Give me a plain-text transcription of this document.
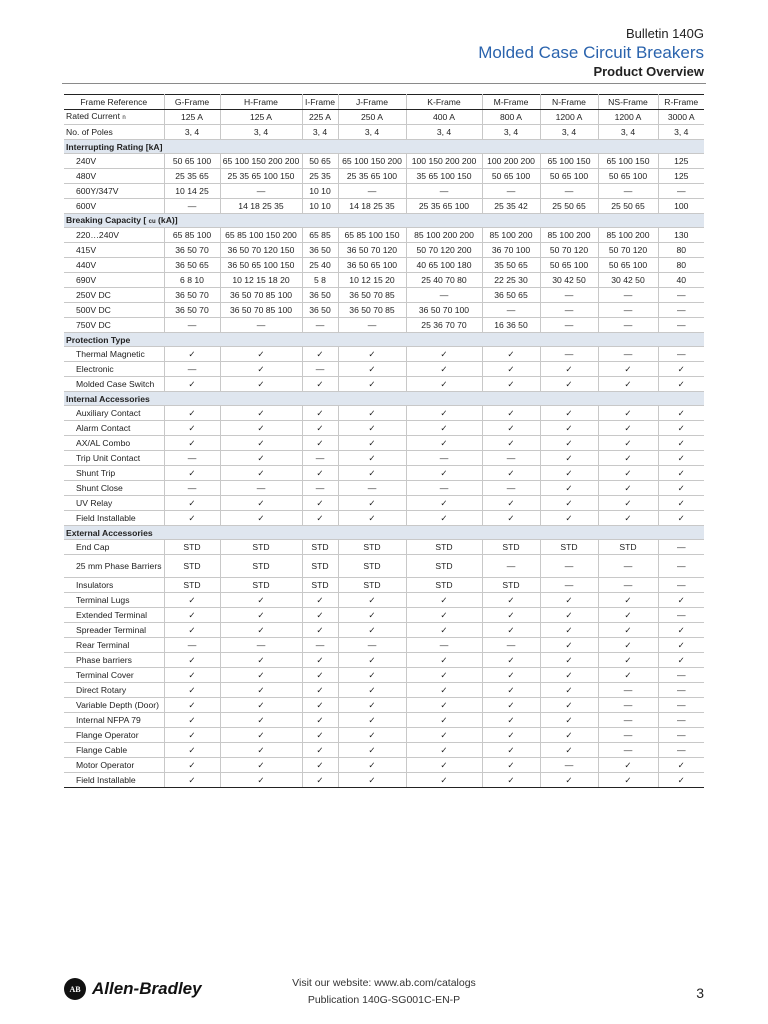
Bulletin 140G
Molded Case Circuit Breakers
Product Overview
Frame Reference	G-Frame	H-Frame	I-Frame	J-Frame	K-Frame	M-Frame	N-Frame	NS-Frame	R-Frame
Rated Current n	125 A	125 A	225 A	250 A	400 A	800 A	1200 A	1200 A	3000 A
No. of Poles	3, 4	3, 4	3, 4	3, 4	3, 4	3, 4	3, 4	3, 4	3, 4
Interrupting Rating [kA]									
240V	50 65 100	65 100 150 200 200	50 65	65 100 150 200	100 150 200 200	100 200 200	65 100 150	65 100 150	125
480V	25 35 65	25 35 65 100 150	25 35	25 35 65 100	35 65 100 150	50 65 100	50 65 100	50 65 100	125
600Y/347V	10 14 25	—	10 10	—	—	—	—	—	—
600V	—	14 18 25 35	10 10	14 18 25 35	25 35 65 100	25 35 42	25 50 65	25 50 65	100
Breaking Capacity [ cu (kA)]									
220…240V	65 85 100	65 85 100 150 200	65 85	65 85 100 150	85 100 200 200	85 100 200	85 100 200	85 100 200	130
415V	36 50 70	36 50 70 120 150	36 50	36 50 70 120	50 70 120 200	36 70 100	50 70 120	50 70 120	80
440V	36 50 65	36 50 65 100 150	25 40	36 50 65 100	40 65 100 180	35 50 65	50 65 100	50 65 100	80
690V	6 8 10	10 12 15 18 20	5 8	10 12 15 20	25 40 70 80	22 25 30	30 42 50	30 42 50	40
250V DC	36 50 70	36 50 70 85 100	36 50	36 50 70 85	—	36 50 65	—	—	—
500V DC	36 50 70	36 50 70 85 100	36 50	36 50 70 85	36 50 70 100	—	—	—	—
750V DC	—	—	—	—	25 36 70 70	16 36 50	—	—	—
Protection Type									
Thermal Magnetic	✓	✓	✓	✓	✓	✓	—	—	—
Electronic	—	✓	—	✓	✓	✓	✓	✓	✓
Molded Case Switch	✓	✓	✓	✓	✓	✓	✓	✓	✓
Internal Accessories									
Auxiliary Contact	✓	✓	✓	✓	✓	✓	✓	✓	✓
Alarm Contact	✓	✓	✓	✓	✓	✓	✓	✓	✓
AX/AL Combo	✓	✓	✓	✓	✓	✓	✓	✓	✓
Trip Unit Contact	—	✓	—	✓	—	—	✓	✓	✓
Shunt Trip	✓	✓	✓	✓	✓	✓	✓	✓	✓
Shunt Close	—	—	—	—	—	—	✓	✓	✓
UV Relay	✓	✓	✓	✓	✓	✓	✓	✓	✓
Field Installable	✓	✓	✓	✓	✓	✓	✓	✓	✓
External Accessories									
End Cap	STD	STD	STD	STD	STD	STD	STD	STD	—
25 mm Phase Barriers	STD	STD	STD	STD	STD	—	—	—	—
Insulators	STD	STD	STD	STD	STD	STD	—	—	—
Terminal Lugs	✓	✓	✓	✓	✓	✓	✓	✓	✓
Extended Terminal	✓	✓	✓	✓	✓	✓	✓	✓	—
Spreader Terminal	✓	✓	✓	✓	✓	✓	✓	✓	✓
Rear Terminal	—	—	—	—	—	—	✓	✓	✓
Phase barriers	✓	✓	✓	✓	✓	✓	✓	✓	✓
Terminal Cover	✓	✓	✓	✓	✓	✓	✓	✓	—
Direct Rotary	✓	✓	✓	✓	✓	✓	✓	—	—
Variable Depth (Door)	✓	✓	✓	✓	✓	✓	✓	—	—
Internal NFPA 79	✓	✓	✓	✓	✓	✓	✓	—	—
Flange Operator	✓	✓	✓	✓	✓	✓	✓	—	—
Flange Cable	✓	✓	✓	✓	✓	✓	✓	—	—
Motor Operator	✓	✓	✓	✓	✓	✓	—	✓	✓
Field Installable	✓	✓	✓	✓	✓	✓	✓	✓	✓
AB Allen-Bradley	Visit our website: www.ab.com/catalogs
Publication 140G-SG001C-EN-P	3
